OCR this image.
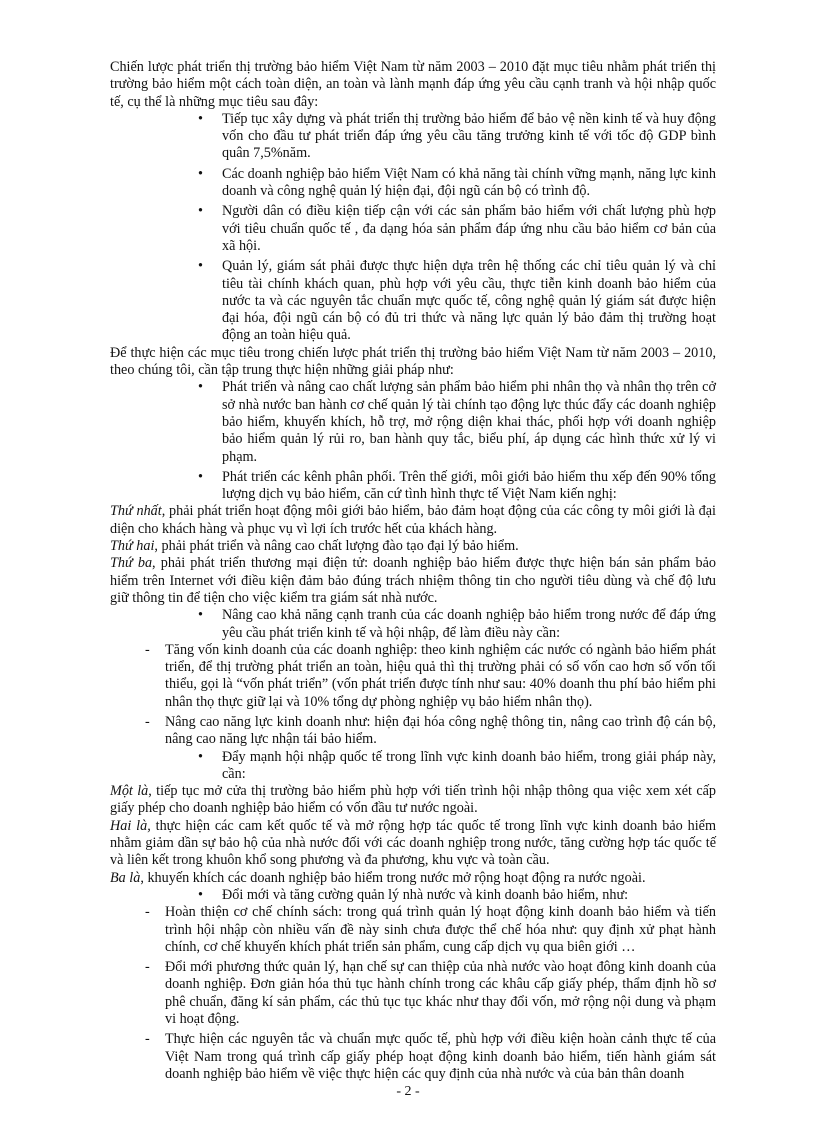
Chiến lược phát triển thị trường bảo hiểm Việt Nam từ năm 2003 – 2010 đặt mục tiêu nhằm phát triển thị trường bảo hiểm một cách toàn diện, an toàn và lành mạnh đáp ứng yêu cầu cạnh tranh và hội nhập quốc tế, cụ thể là những mục tiêu sau đây:

• Tiếp tục xây dựng và phát triển thị trường bảo hiểm để bảo vệ nền kinh tế và huy động vốn cho đầu tư phát triển đáp ứng yêu cầu tăng trưởng kinh tế với tốc độ GDP bình quân 7,5%năm.
• Các doanh nghiệp bảo hiểm Việt Nam có khả năng tài chính vững mạnh, năng lực kinh doanh và công nghệ quản lý hiện đại, đội ngũ cán bộ có trình độ.
• Người dân có điều kiện tiếp cận với các sản phẩm bảo hiểm với chất lượng phù hợp với tiêu chuẩn quốc tế , đa dạng hóa sản phẩm đáp ứng nhu cầu bảo hiểm cơ bản của xã hội.
• Quản lý, giám sát phải được thực hiện dựa trên hệ thống các chỉ tiêu quản lý và chỉ tiêu tài chính khách quan, phù hợp với yêu cầu, thực tiễn kinh doanh bảo hiểm của nước ta và các nguyên tắc chuẩn mực quốc tế, công nghệ quản lý giám sát được hiện đại hóa, đội ngũ cán bộ có đủ tri thức và năng lực quản lý bảo đảm thị trường hoạt động an toàn hiệu quả.

Để thực hiện các mục tiêu trong chiến lược phát triển thị trường bảo hiểm Việt Nam từ năm 2003 – 2010, theo chúng tôi, cần tập trung thực hiện những giải pháp như:

• Phát triển và nâng cao chất lượng sản phẩm bảo hiểm phi nhân thọ và nhân thọ trên cở sở nhà nước ban hành cơ chế quản lý tài chính tạo động lực thúc đẩy các doanh nghiệp bảo hiểm, khuyến khích, hỗ trợ, mở rộng diện khai thác, phối hợp với doanh nghiệp bảo hiểm quản lý rủi ro, ban hành quy tắc, biểu phí, áp dụng các hình thức xử lý vi phạm.
• Phát triển các kênh phân phối. Trên thế giới, môi giới bảo hiểm thu xếp đến 90% tổng lượng dịch vụ bảo hiểm, căn cứ tình hình thực tế Việt Nam kiến nghị:

Thứ nhất, phải phát triển hoạt động môi giới bảo hiểm, bảo đảm hoạt động của các công ty môi giới là đại diện cho khách hàng và phục vụ vì lợi ích trước hết của khách hàng.

Thứ hai, phải phát triển và nâng cao chất lượng đào tạo đại lý bảo hiểm.

Thứ ba, phải phát triển thương mại điện tử: doanh nghiệp bảo hiểm được thực hiện bán sản phẩm bảo hiểm trên Internet với điều kiện đảm bảo đúng trách nhiệm thông tin cho người tiêu dùng và chế độ lưu giữ thông tin để tiện cho việc kiểm tra giám sát nhà nước.

• Nâng cao khả năng cạnh tranh của các doanh nghiệp bảo hiểm trong nước để đáp ứng yêu cầu phát triển kinh tế và hội nhập, để làm điều này cần:
- Tăng vốn kinh doanh của các doanh nghiệp: theo kinh nghiệm các nước có ngành bảo hiểm phát triển, để thị trường phát triển an toàn, hiệu quả thì thị trường phải có số vốn cao hơn số vốn tối thiểu, gọi là “vốn phát triển” (vốn phát triển được tính như sau: 40% doanh thu phí bảo hiểm phi nhân thọ thực giữ lại và 10% tổng dự phòng nghiệp vụ bảo hiểm nhân thọ).
- Nâng cao năng lực kinh doanh như: hiện đại hóa công nghệ thông tin, nâng cao trình độ cán bộ, nâng cao năng lực nhận tái bảo hiểm.
• Đẩy mạnh hội nhập quốc tế trong lĩnh vực kinh doanh bảo hiểm, trong giải pháp này, cần:

Một là, tiếp tục mở cửa thị trường bảo hiểm phù hợp với tiến trình hội nhập thông qua việc xem xét cấp giấy phép cho doanh nghiệp bảo hiểm có vốn đầu tư nước ngoài.

Hai là, thực hiện các cam kết quốc tế và mở rộng hợp tác quốc tế trong lĩnh vực kinh doanh bảo hiểm nhằm giảm dần sự bảo hộ của nhà nước đối với các doanh nghiệp trong nước, tăng cường hợp tác quốc tế và liên kết trong khuôn khổ song phương và đa phương, khu vực và toàn cầu.

Ba là, khuyến khích các doanh nghiệp bảo hiểm trong nước mở rộng hoạt động ra nước ngoài.

• Đổi mới và tăng cường quản lý nhà nước và kinh doanh bảo hiểm, như:
- Hoàn thiện cơ chế chính sách: trong quá trình quản lý hoạt động kinh doanh bảo hiểm và tiến trình hội nhập còn nhiều vấn đề này sinh chưa được thể chế hóa như: quy định xử phạt hành chính, cơ chế khuyến khích phát triển sản phẩm, cung cấp dịch vụ qua biên giới …
- Đổi mới phương thức quản lý, hạn chế sự can thiệp của nhà nước vào hoạt đông kinh doanh của doanh nghiệp. Đơn giản hóa thủ tục hành chính trong các khâu cấp giấy phép, thẩm định hồ sơ phê chuẩn, đăng kí sản phẩm, các thủ tục tục khác như thay đổi vốn, mở rộng nội dung và phạm vi hoạt động.
- Thực hiện các nguyên tắc và chuẩn mực quốc tế, phù hợp với điều kiện hoàn cảnh thực tế của Việt Nam trong quá trình cấp giấy phép hoạt động kinh doanh bảo hiểm, tiến hành giám sát doanh nghiệp bảo hiểm về việc thực hiện các quy định của nhà nước và của bản thân doanh
- 2 -
